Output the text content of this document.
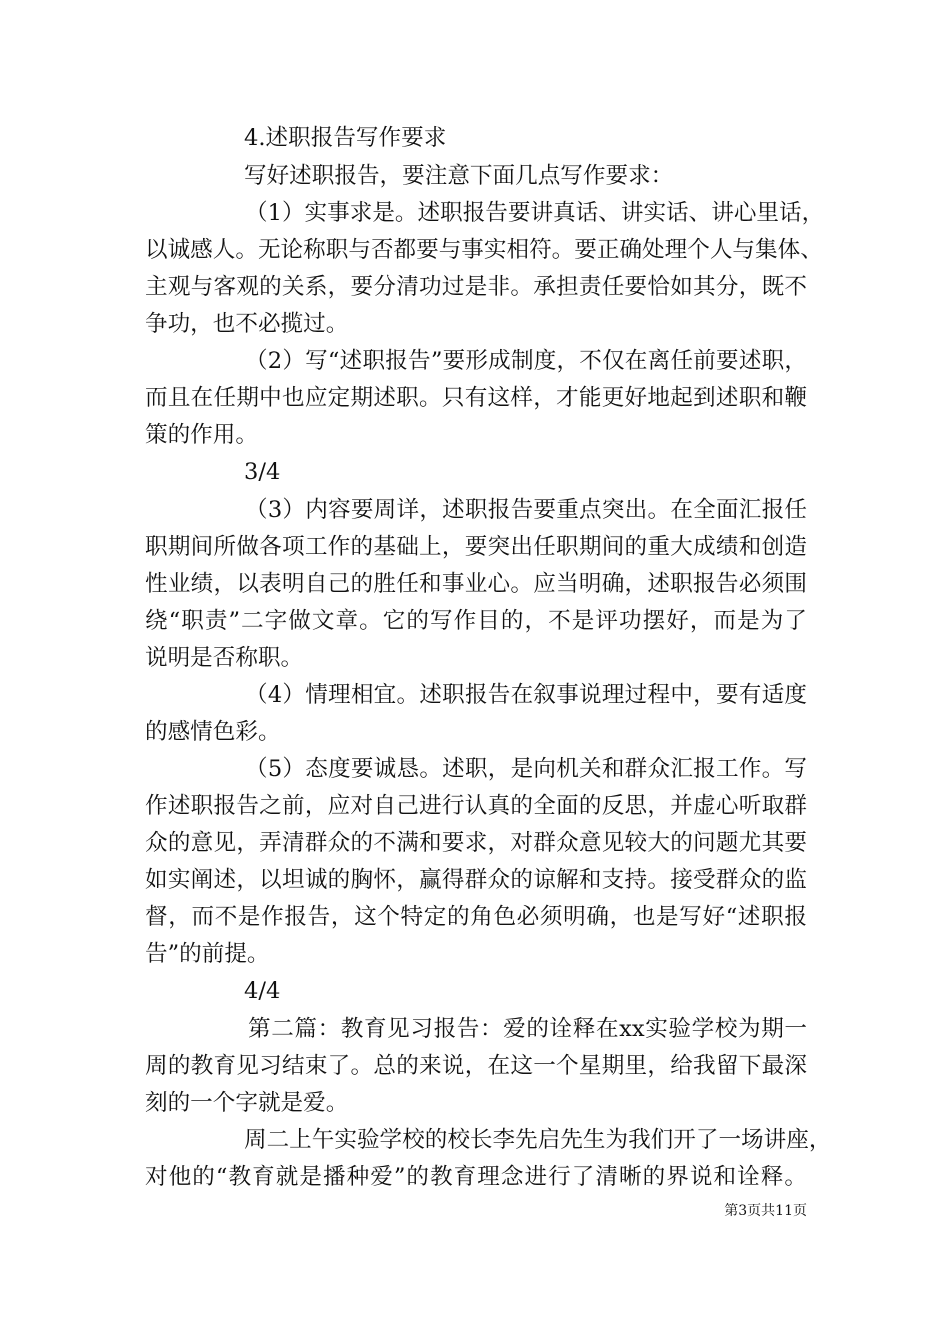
4.述职报告写作要求
写好述职报告，要注意下面几点写作要求：
（1）实事求是。述职报告要讲真话、讲实话、讲心里话，
以诚感人。无论称职与否都要与事实相符。要正确处理个人与集体、
主观与客观的关系，要分清功过是非。承担责任要恰如其分，既不
争功，也不必揽过。
（2）写“述职报告”要形成制度，不仅在离任前要述职，
而且在任期中也应定期述职。只有这样，才能更好地起到述职和鞭
策的作用。
3/4
（3）内容要周详，述职报告要重点突出。在全面汇报任
职期间所做各项工作的基础上，要突出任职期间的重大成绩和创造
性业绩，以表明自己的胜任和事业心。应当明确，述职报告必须围
绕“职责”二字做文章。它的写作目的，不是评功摆好，而是为了
说明是否称职。
（4）情理相宜。述职报告在叙事说理过程中，要有适度
的感情色彩。
（5）态度要诚恳。述职，是向机关和群众汇报工作。写
作述职报告之前，应对自己进行认真的全面的反思，并虚心听取群
众的意见，弄清群众的不满和要求，对群众意见较大的问题尤其要
如实阐述，以坦诚的胸怀，赢得群众的谅解和支持。接受群众的监
督，而不是作报告，这个特定的角色必须明确，也是写好“述职报
告”的前提。
4/4
第二篇：教育见习报告：爱的诠释在xx实验学校为期一
周的教育见习结束了。总的来说，在这一个星期里，给我留下最深
刻的一个字就是爱。
周二上午实验学校的校长李先启先生为我们开了一场讲座，
对他的“教育就是播种爱”的教育理念进行了清晰的界说和诠释。
第3页共11页
